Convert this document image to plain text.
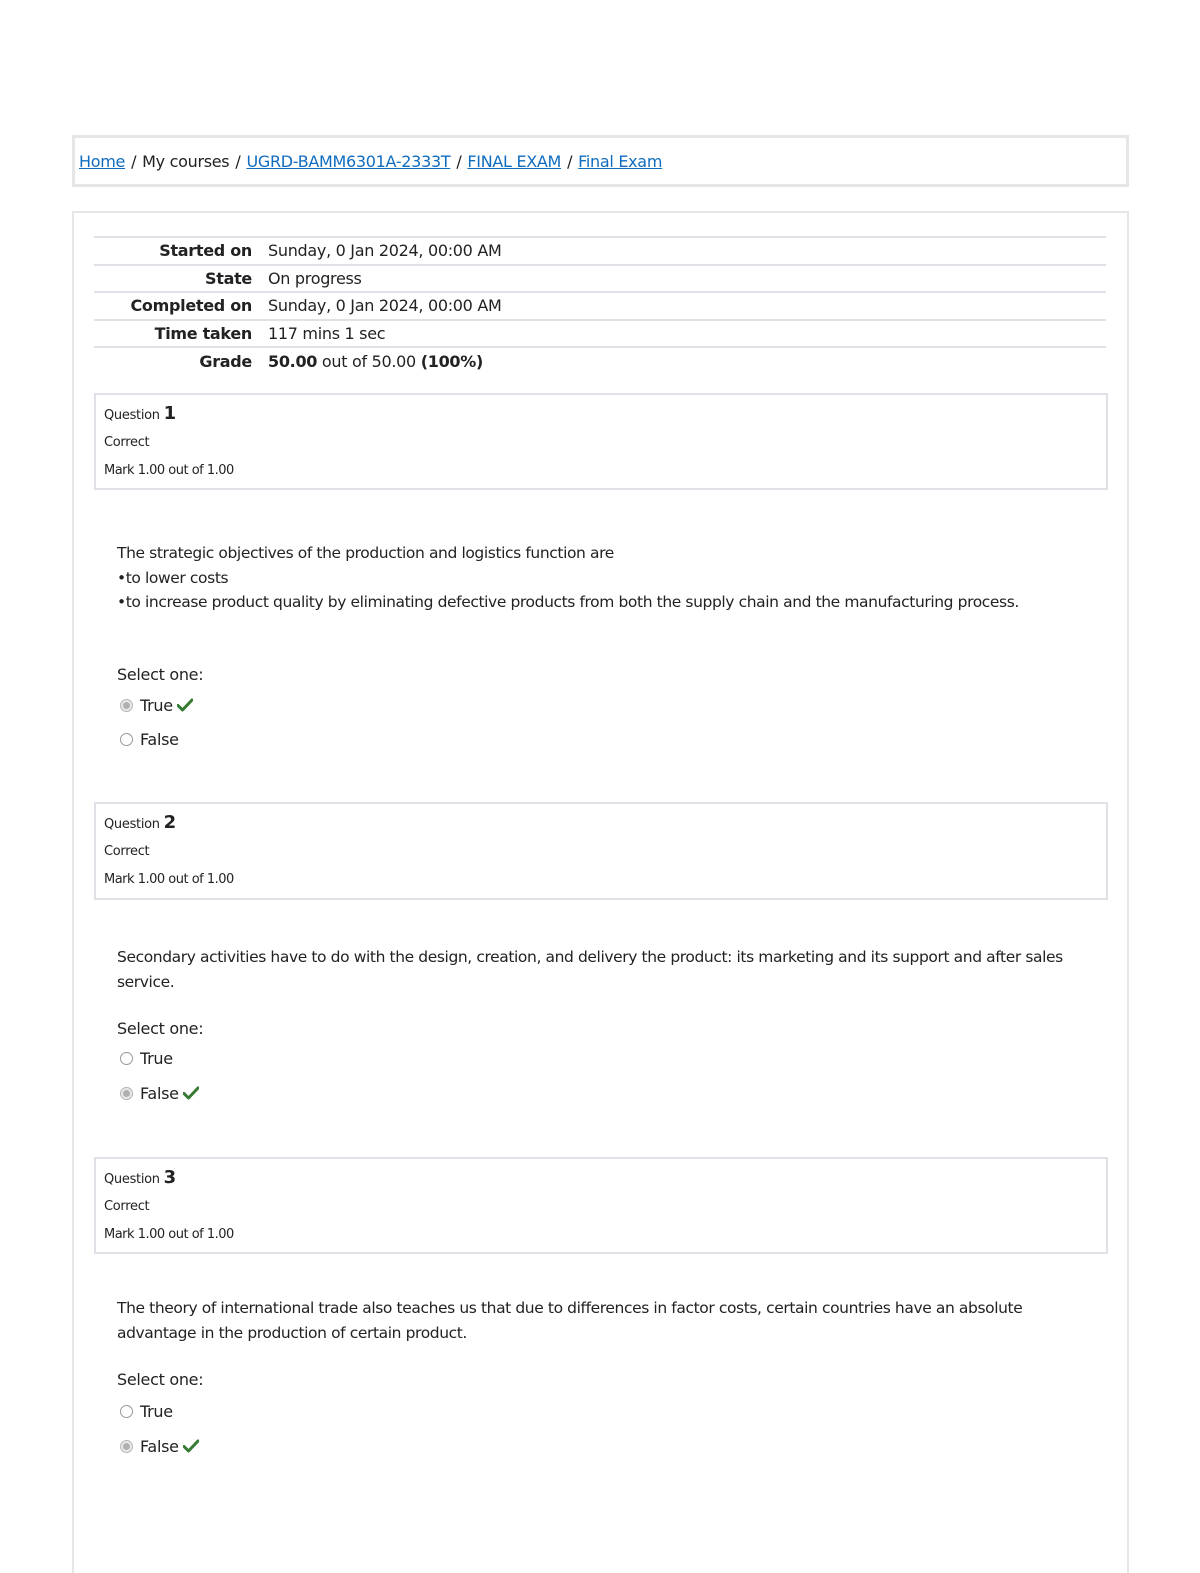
Home / My courses / UGRD-BAMM6301A-2333T / FINAL EXAM / Final Exam
Started on	Sunday, 0 Jan 2024, 00:00 AM
State	On progress
Completed on	Sunday, 0 Jan 2024, 00:00 AM
Time taken	117 mins 1 sec
Grade	50.00 out of 50.00 (100%)
Question 1
Correct
Mark 1.00 out of 1.00
The strategic objectives of the production and logistics function are
•to lower costs
•to increase product quality by eliminating defective products from both the supply chain and the manufacturing process.
Select one:
True
False
Question 2
Correct
Mark 1.00 out of 1.00
Secondary activities have to do with the design, creation, and delivery the product: its marketing and its support and after sales service.
Select one:
True
False
Question 3
Correct
Mark 1.00 out of 1.00
The theory of international trade also teaches us that due to differences in factor costs, certain countries have an absolute advantage in the production of certain product.
Select one:
True
False
